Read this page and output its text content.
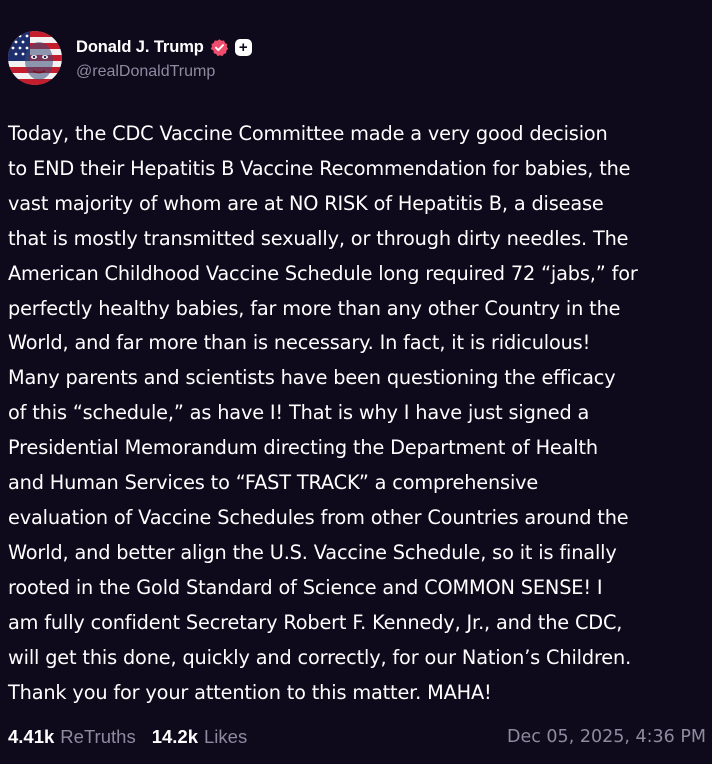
Donald J. Trump +
@realDonaldTrump
Today, the CDC Vaccine Committee made a very good decision
to END their Hepatitis B Vaccine Recommendation for babies, the
vast majority of whom are at NO RISK of Hepatitis B, a disease
that is mostly transmitted sexually, or through dirty needles. The
American Childhood Vaccine Schedule long required 72 “jabs,” for
perfectly healthy babies, far more than any other Country in the
World, and far more than is necessary. In fact, it is ridiculous!
Many parents and scientists have been questioning the efficacy
of this “schedule,” as have I! That is why I have just signed a
Presidential Memorandum directing the Department of Health
and Human Services to “FAST TRACK” a comprehensive
evaluation of Vaccine Schedules from other Countries around the
World, and better align the U.S. Vaccine Schedule, so it is finally
rooted in the Gold Standard of Science and COMMON SENSE! I
am fully confident Secretary Robert F. Kennedy, Jr., and the CDC,
will get this done, quickly and correctly, for our Nation’s Children.
Thank you for your attention to this matter. MAHA!
4.41k ReTruths 14.2k Likes	Dec 05, 2025, 4:36 PM
